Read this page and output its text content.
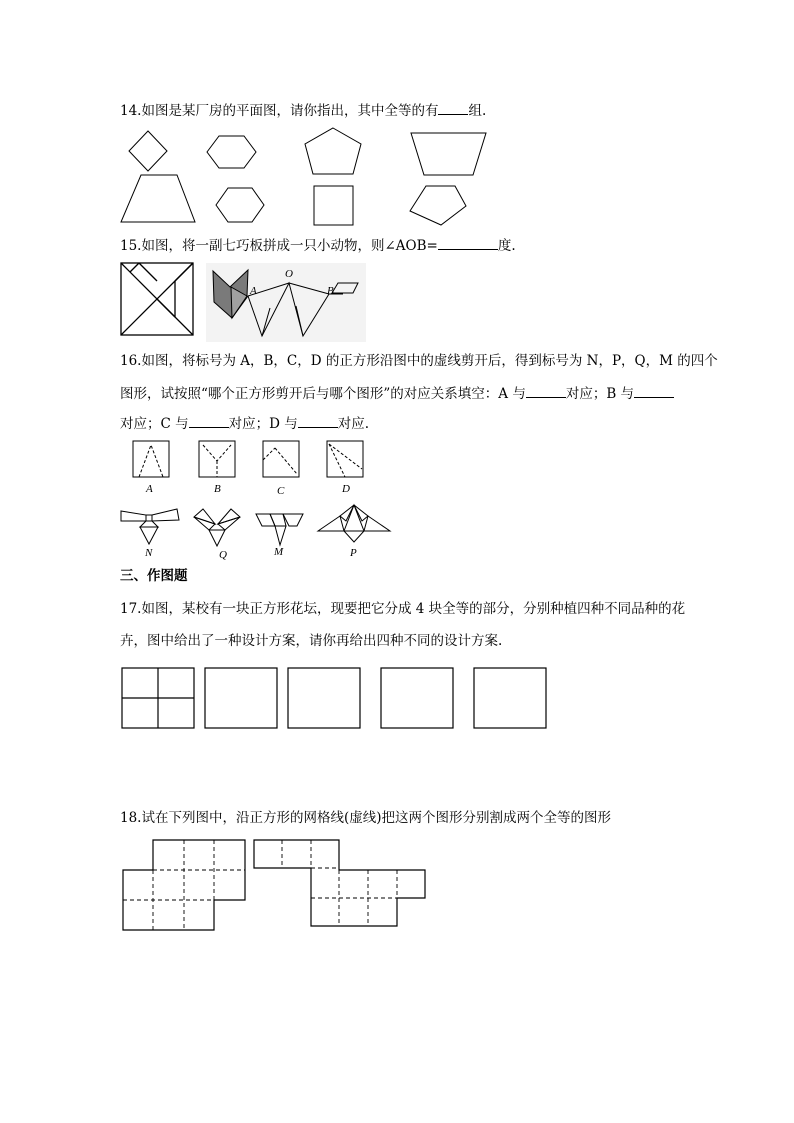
14.如图是某厂房的平面图，请你指出，其中全等的有 组.
15.如图，将一副七巧板拼成一只小动物，则∠AOB=	度.
O
A	B
16.如图，将标号为 A，B，C，D 的正方形沿图中的虚线剪开后，得到标号为 N，P，Q，M 的四个
图形，试按照“哪个正方形剪开后与哪个图形”的对应关系填空：A 与	对应；B 与
对应；C 与	对应；D 与	对应.
A	B	C	D
N	Q	M	P
三、作图题
17.如图，某校有一块正方形花坛，现要把它分成 4 块全等的部分，分别种植四种不同品种的花
卉，图中给出了一种设计方案，请你再给出四种不同的设计方案.
18.试在下列图中，沿正方形的网格线(虚线)把这两个图形分别割成两个全等的图形
